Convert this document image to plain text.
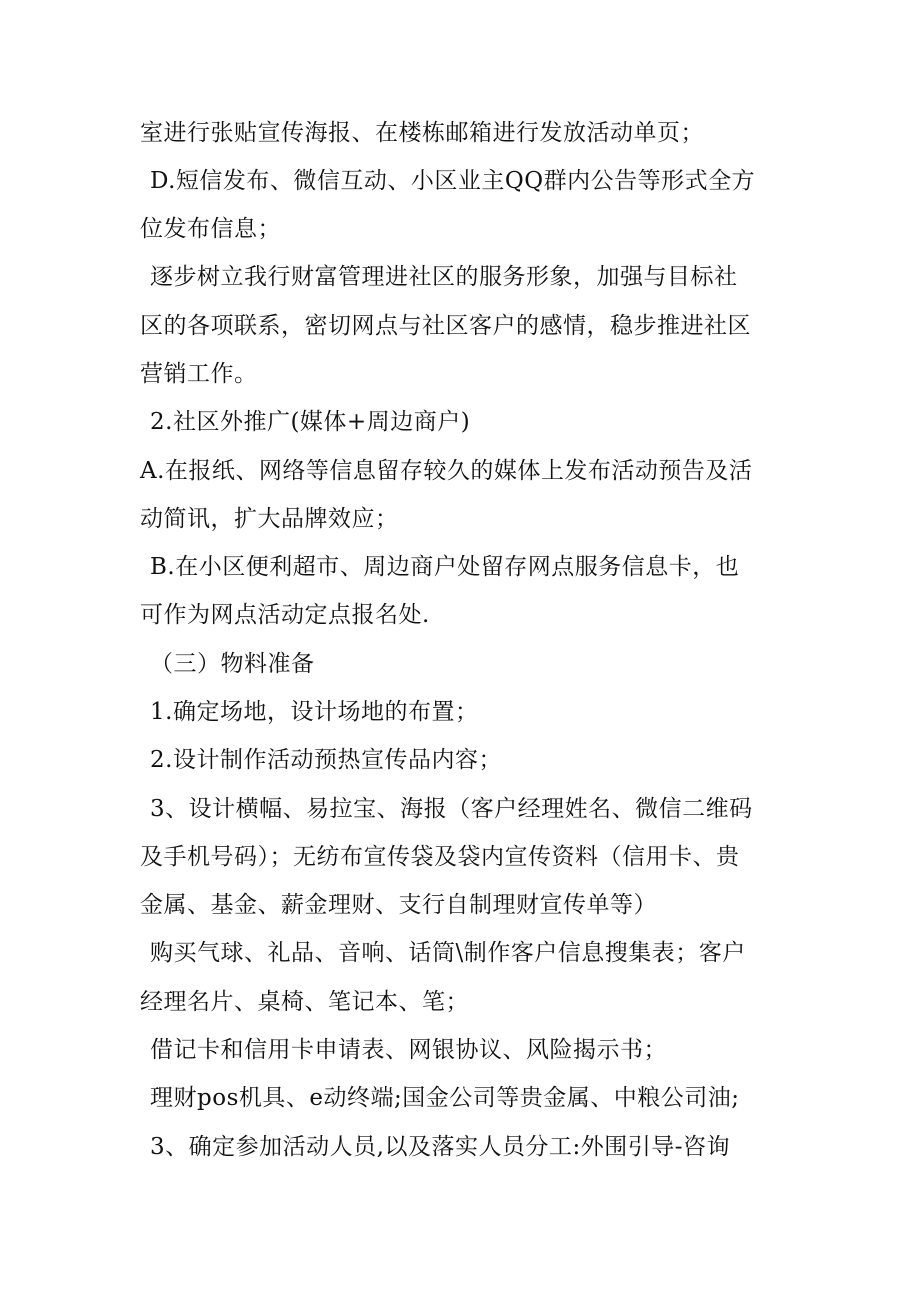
室进行张贴宣传海报、在楼栋邮箱进行发放活动单页；
D.短信发布、微信互动、小区业主QQ群内公告等形式全方
位发布信息；
逐步树立我行财富管理进社区的服务形象，加强与目标社
区的各项联系，密切网点与社区客户的感情，稳步推进社区
营销工作。
2.社区外推广(媒体+周边商户)
A.在报纸、网络等信息留存较久的媒体上发布活动预告及活
动简讯，扩大品牌效应；
B.在小区便利超市、周边商户处留存网点服务信息卡，也
可作为网点活动定点报名处.
（三）物料准备
1.确定场地，设计场地的布置；
2.设计制作活动预热宣传品内容；
3、设计横幅、易拉宝、海报（客户经理姓名、微信二维码
及手机号码）；无纺布宣传袋及袋内宣传资料（信用卡、贵
金属、基金、薪金理财、支行自制理财宣传单等）
购买气球、礼品、音响、话筒\制作客户信息搜集表；客户
经理名片、桌椅、笔记本、笔；
借记卡和信用卡申请表、网银协议、风险揭示书；
理财pos机具、e动终端;国金公司等贵金属、中粮公司油;
3、确定参加活动人员,以及落实人员分工:外围引导-咨询
